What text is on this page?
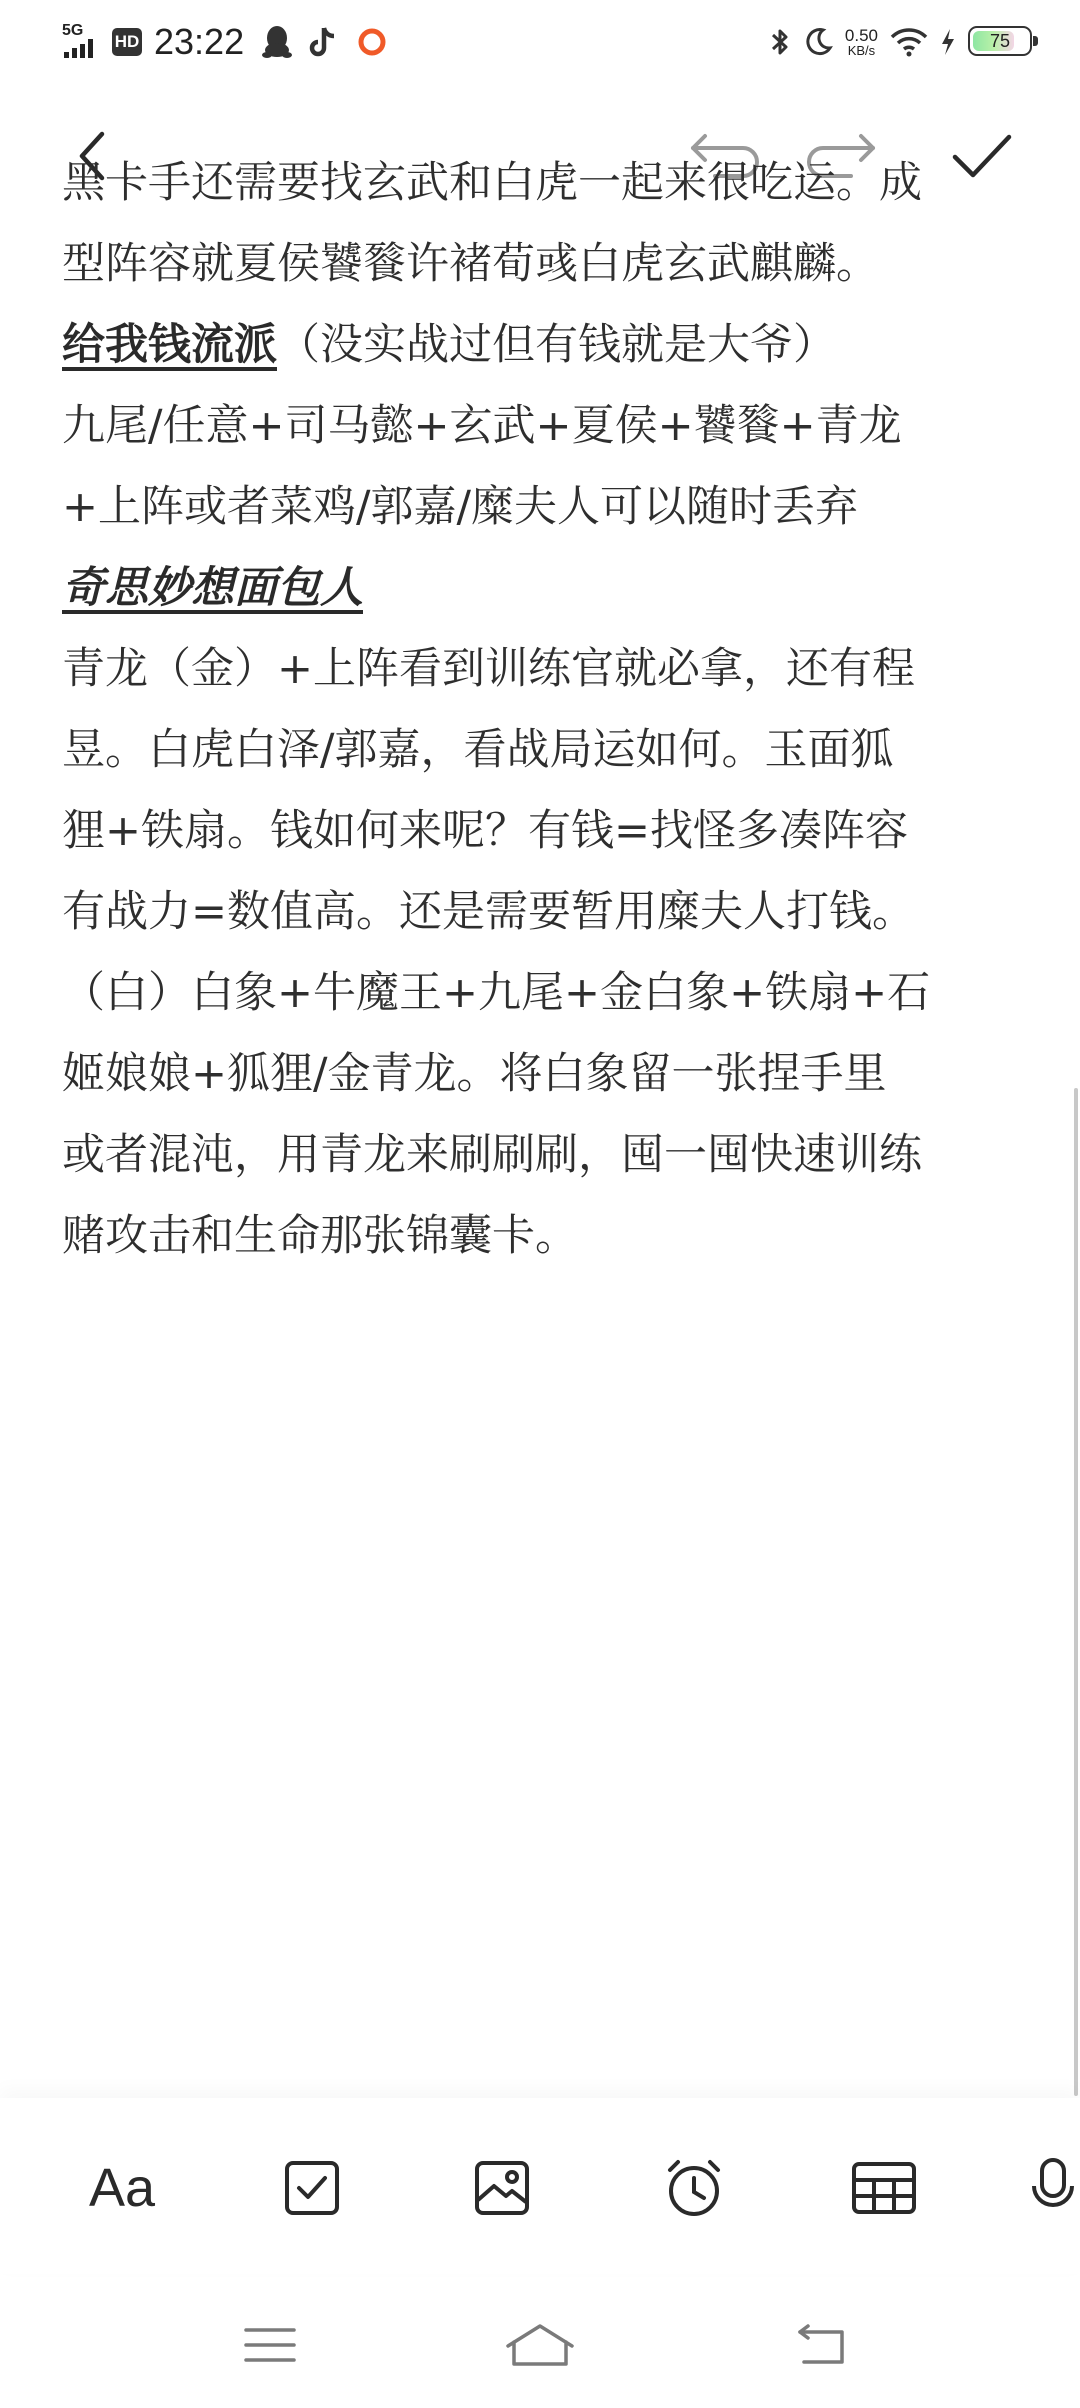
5G
HD 23:22	0.50
KB/s	75

黑卡手还需要找玄武和白虎一起来很吃运。成

型阵容就夏侯饕餮许褚荀彧白虎玄武麒麟。

给我钱流派（没实战过但有钱就是大爷）

九尾/任意+司马懿+玄武+夏侯+饕餮+青龙

+上阵或者菜鸡/郭嘉/糜夫人可以随时丢弃

奇思妙想面包人

青龙（金）+上阵看到训练官就必拿，还有程

昱。白虎白泽/郭嘉，看战局运如何。玉面狐

狸+铁扇。钱如何来呢？有钱=找怪多凑阵容

有战力=数值高。还是需要暂用糜夫人打钱。

（白）白象+牛魔王+九尾+金白象+铁扇+石

姬娘娘+狐狸/金青龙。将白象留一张捏手里

或者混沌，用青龙来刷刷刷，囤一囤快速训练

赌攻击和生命那张锦囊卡。

Aa
